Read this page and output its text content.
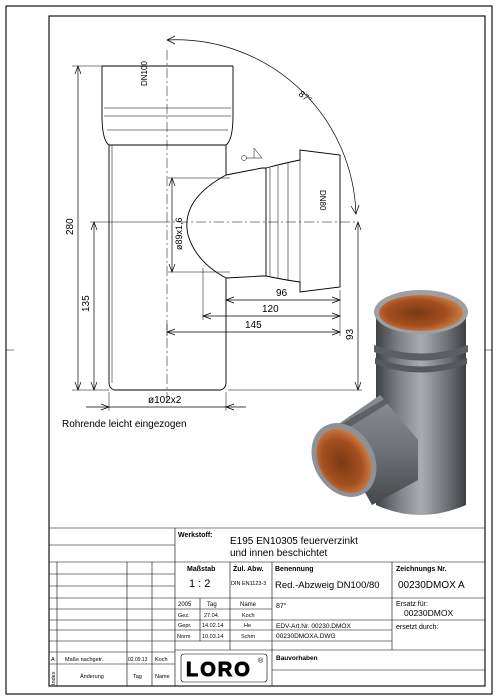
DN100
DN80
87°
280
135
ø89x1,6
96
120
145
93
ø102x2
Rohrende leicht eingezogen
Werkstoff:
E195 EN10305 feuerverzinkt
und innen beschichtet
Maßstab
1 : 2
Zul. Abw.
DIN EN1123-3
Benennung
Red.-Abzweig DN100/80
Zeichnungs Nr.
00230DMOX A
2005	Tag	Name
Gez.	27.04.	Koch
Gepr. 14.02.14	He
Norm 10.03.14	Schm
87°
EDV-Art.Nr. 00230.DMOX
00230DMOXA.DWG
Ersatz für:
00230DMOX
ersetzt durch:
Bauvorhaben
A Maße nachgetr.	02.09.13 Koch
Index	Änderung	Tag Name LORO ®
